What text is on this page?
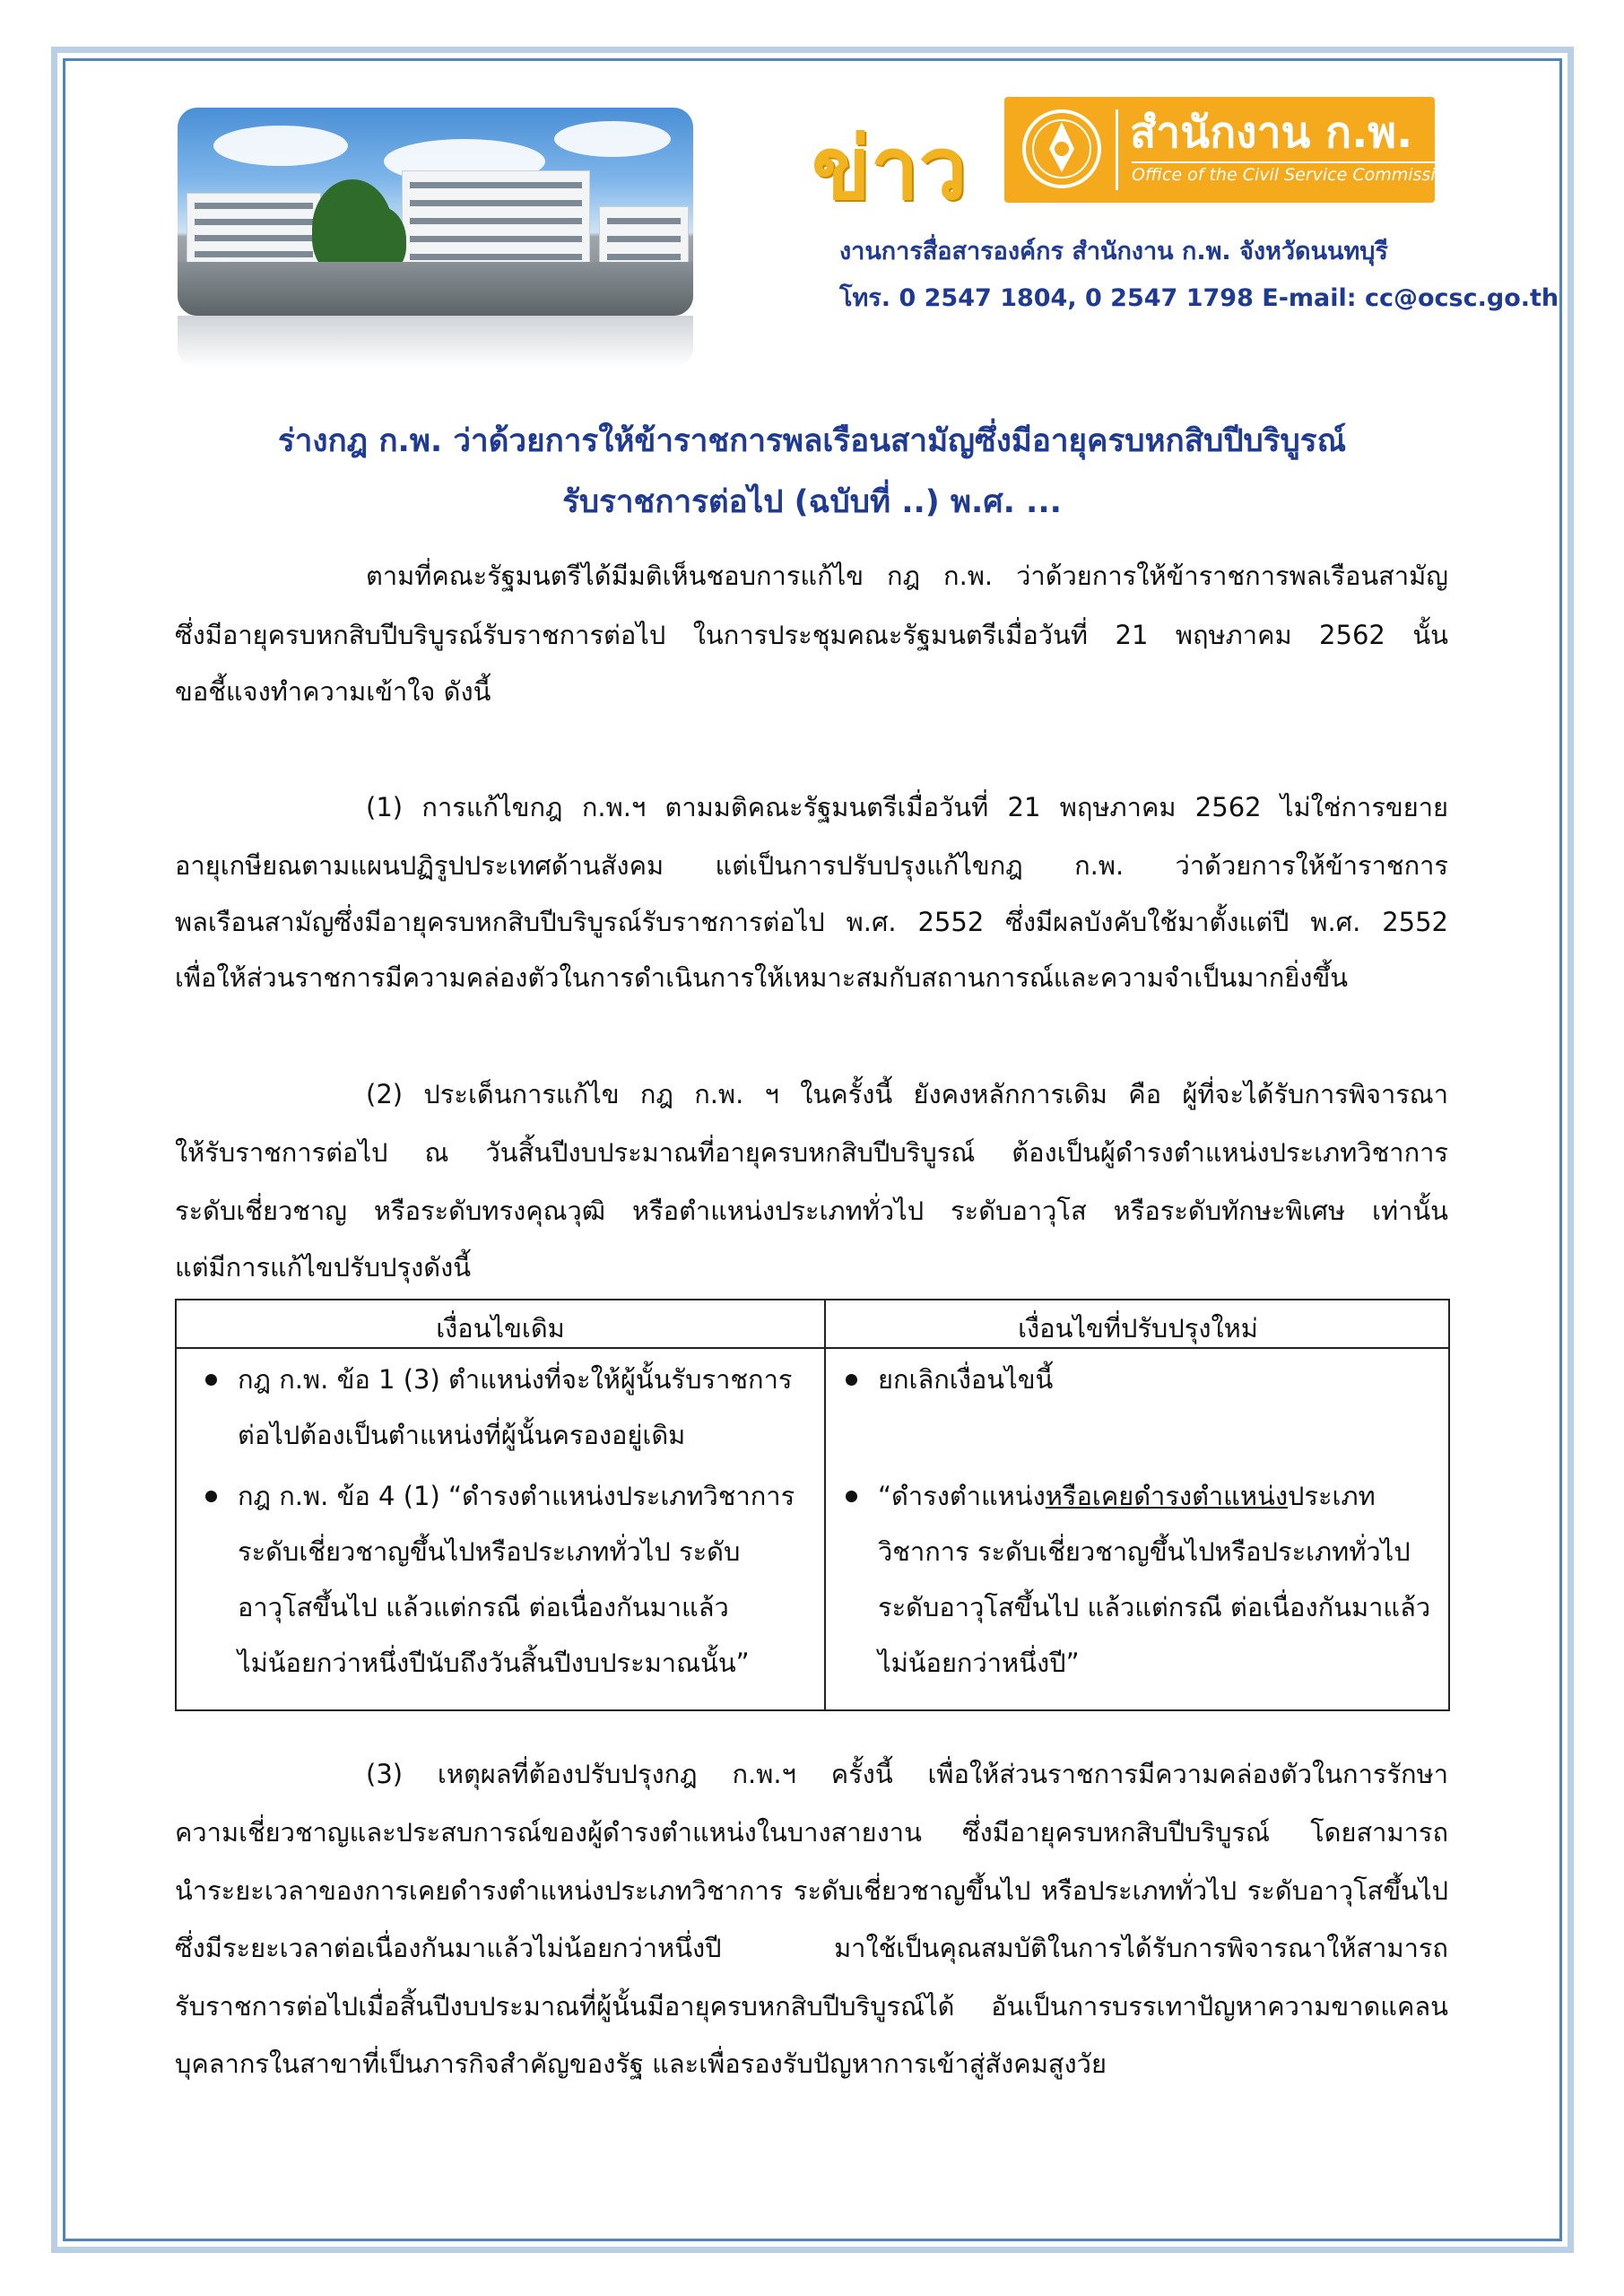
ข่าว	สำนักงาน ก.พ.
Office of the Civil Service Commission
งานการสื่อสารองค์กร สำนักงาน ก.พ. จังหวัดนนทบุรี
โทร. 0 2547 1804, 0 2547 1798 E-mail: cc@ocsc.go.th
ร่างกฎ ก.พ. ว่าด้วยการให้ข้าราชการพลเรือนสามัญซึ่งมีอายุครบหกสิบปีบริบูรณ์
รับราชการต่อไป (ฉบับที่ ..) พ.ศ. ...
ตามที่คณะรัฐมนตรีได้มีมติเห็นชอบการแก้ไข กฎ ก.พ. ว่าด้วยการให้ข้าราชการพลเรือนสามัญ
ซึ่งมีอายุครบหกสิบปีบริบูรณ์รับราชการต่อไป ในการประชุมคณะรัฐมนตรีเมื่อวันที่ 21 พฤษภาคม 2562 นั้น
ขอชี้แจงทำความเข้าใจ ดังนี้
(1) การแก้ไขกฎ ก.พ.ฯ ตามมติคณะรัฐมนตรีเมื่อวันที่ 21 พฤษภาคม 2562 ไม่ใช่การขยาย
อายุเกษียณตามแผนปฏิรูปประเทศด้านสังคม แต่เป็นการปรับปรุงแก้ไขกฎ ก.พ. ว่าด้วยการให้ข้าราชการ
พลเรือนสามัญซึ่งมีอายุครบหกสิบปีบริบูรณ์รับราชการต่อไป พ.ศ. 2552 ซึ่งมีผลบังคับใช้มาตั้งแต่ปี พ.ศ. 2552
เพื่อให้ส่วนราชการมีความคล่องตัวในการดำเนินการให้เหมาะสมกับสถานการณ์และความจำเป็นมากยิ่งขึ้น
(2) ประเด็นการแก้ไข กฎ ก.พ. ฯ ในครั้งนี้ ยังคงหลักการเดิม คือ ผู้ที่จะได้รับการพิจารณา
ให้รับราชการต่อไป ณ วันสิ้นปีงบประมาณที่อายุครบหกสิบปีบริบูรณ์ ต้องเป็นผู้ดำรงตำแหน่งประเภทวิชาการ
ระดับเชี่ยวชาญ หรือระดับทรงคุณวุฒิ หรือตำแหน่งประเภททั่วไป ระดับอาวุโส หรือระดับทักษะพิเศษ เท่านั้น
แต่มีการแก้ไขปรับปรุงดังนี้
เงื่อนไขเดิม	เงื่อนไขที่ปรับปรุงใหม่
กฎ ก.พ. ข้อ 1 (3) ตำแหน่งที่จะให้ผู้นั้นรับราชการ
ต่อไปต้องเป็นตำแหน่งที่ผู้นั้นครองอยู่เดิม
กฎ ก.พ. ข้อ 4 (1) “ดำรงตำแหน่งประเภทวิชาการ
ระดับเชี่ยวชาญขึ้นไปหรือประเภททั่วไป ระดับ
อาวุโสขึ้นไป แล้วแต่กรณี ต่อเนื่องกันมาแล้ว
ไม่น้อยกว่าหนึ่งปีนับถึงวันสิ้นปีงบประมาณนั้น”
ยกเลิกเงื่อนไขนี้
“ดำรงตำแหน่งหรือเคยดำรงตำแหน่งประเภท
วิชาการ ระดับเชี่ยวชาญขึ้นไปหรือประเภททั่วไป
ระดับอาวุโสขึ้นไป แล้วแต่กรณี ต่อเนื่องกันมาแล้ว
ไม่น้อยกว่าหนึ่งปี”
(3) เหตุผลที่ต้องปรับปรุงกฎ ก.พ.ฯ ครั้งนี้ เพื่อให้ส่วนราชการมีความคล่องตัวในการรักษา
ความเชี่ยวชาญและประสบการณ์ของผู้ดำรงตำแหน่งในบางสายงาน ซึ่งมีอายุครบหกสิบปีบริบูรณ์ โดยสามารถ
นำระยะเวลาของการเคยดำรงตำแหน่งประเภทวิชาการ ระดับเชี่ยวชาญขึ้นไป หรือประเภททั่วไป ระดับอาวุโสขึ้นไป
ซึ่งมีระยะเวลาต่อเนื่องกันมาแล้วไม่น้อยกว่าหนึ่งปี มาใช้เป็นคุณสมบัติในการได้รับการพิจารณาให้สามารถ
รับราชการต่อไปเมื่อสิ้นปีงบประมาณที่ผู้นั้นมีอายุครบหกสิบปีบริบูรณ์ได้ อันเป็นการบรรเทาปัญหาความขาดแคลน
บุคลากรในสาขาที่เป็นภารกิจสำคัญของรัฐ และเพื่อรองรับปัญหาการเข้าสู่สังคมสูงวัย
